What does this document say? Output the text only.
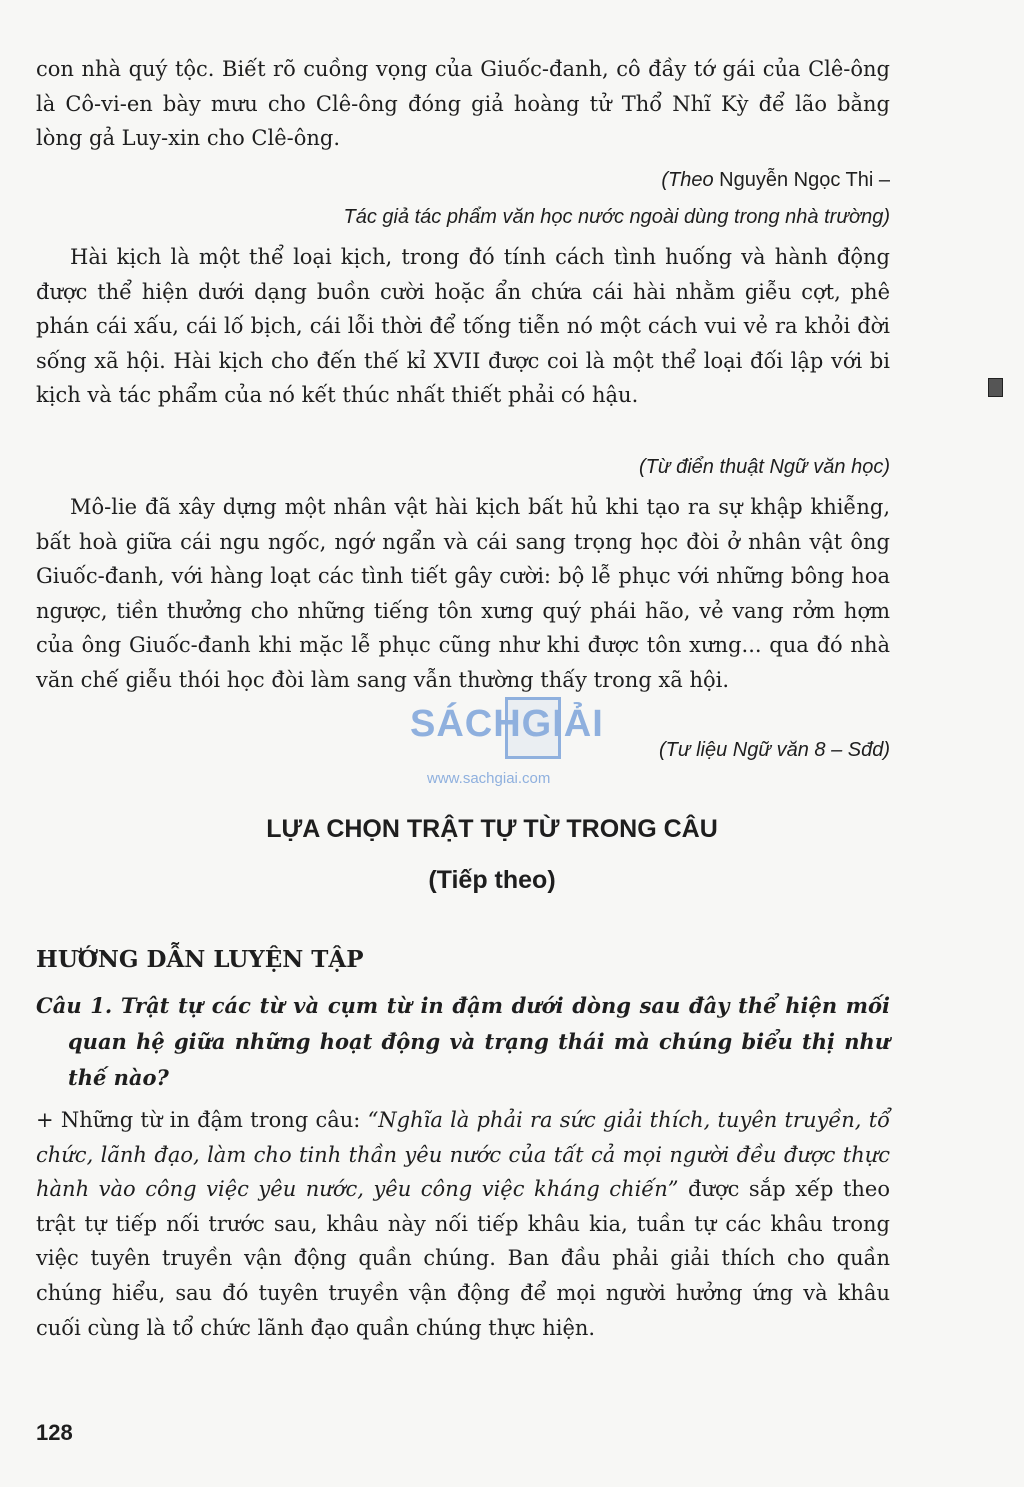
con nhà quý tộc. Biết rõ cuồng vọng của Giuốc-đanh, cô đầy tớ gái của Clê-ông là Cô-vi-en bày mưu cho Clê-ông đóng giả hoàng tử Thổ Nhĩ Kỳ để lão bằng lòng gả Luy-xin cho Clê-ông.

(Theo Nguyễn Ngọc Thi –
Tác giả tác phẩm văn học nước ngoài dùng trong nhà trường)

Hài kịch là một thể loại kịch, trong đó tính cách tình huống và hành động được thể hiện dưới dạng buồn cười hoặc ẩn chứa cái hài nhằm giễu cợt, phê phán cái xấu, cái lố bịch, cái lỗi thời để tống tiễn nó một cách vui vẻ ra khỏi đời sống xã hội. Hài kịch cho đến thế kỉ XVII được coi là một thể loại đối lập với bi kịch và tác phẩm của nó kết thúc nhất thiết phải có hậu.

(Từ điển thuật Ngữ văn học)

Mô-lie đã xây dựng một nhân vật hài kịch bất hủ khi tạo ra sự khập khiễng, bất hoà giữa cái ngu ngốc, ngớ ngẩn và cái sang trọng học đòi ở nhân vật ông Giuốc-đanh, với hàng loạt các tình tiết gây cười: bộ lễ phục với những bông hoa ngược, tiền thưởng cho những tiếng tôn xưng quý phái hão, vẻ vang rởm hợm của ông Giuốc-đanh khi mặc lễ phục cũng như khi được tôn xưng... qua đó nhà văn chế giễu thói học đòi làm sang vẫn thường thấy trong xã hội.

(Tư liệu Ngữ văn 8 – Sđd)

SÁCHGIẢI
www.sachgiai.com
LỰA CHỌN TRẬT TỰ TỪ TRONG CÂU
(Tiếp theo)
HƯỚNG DẪN LUYỆN TẬP

Câu 1. Trật tự các từ và cụm từ in đậm dưới dòng sau đây thể hiện mối quan hệ giữa những hoạt động và trạng thái mà chúng biểu thị như thế nào?

+ Những từ in đậm trong câu: “Nghĩa là phải ra sức giải thích, tuyên truyền, tổ chức, lãnh đạo, làm cho tinh thần yêu nước của tất cả mọi người đều được thực hành vào công việc yêu nước, yêu công việc kháng chiến” được sắp xếp theo trật tự tiếp nối trước sau, khâu này nối tiếp khâu kia, tuần tự các khâu trong việc tuyên truyền vận động quần chúng. Ban đầu phải giải thích cho quần chúng hiểu, sau đó tuyên truyền vận động để mọi người hưởng ứng và khâu cuối cùng là tổ chức lãnh đạo quần chúng thực hiện.

128
